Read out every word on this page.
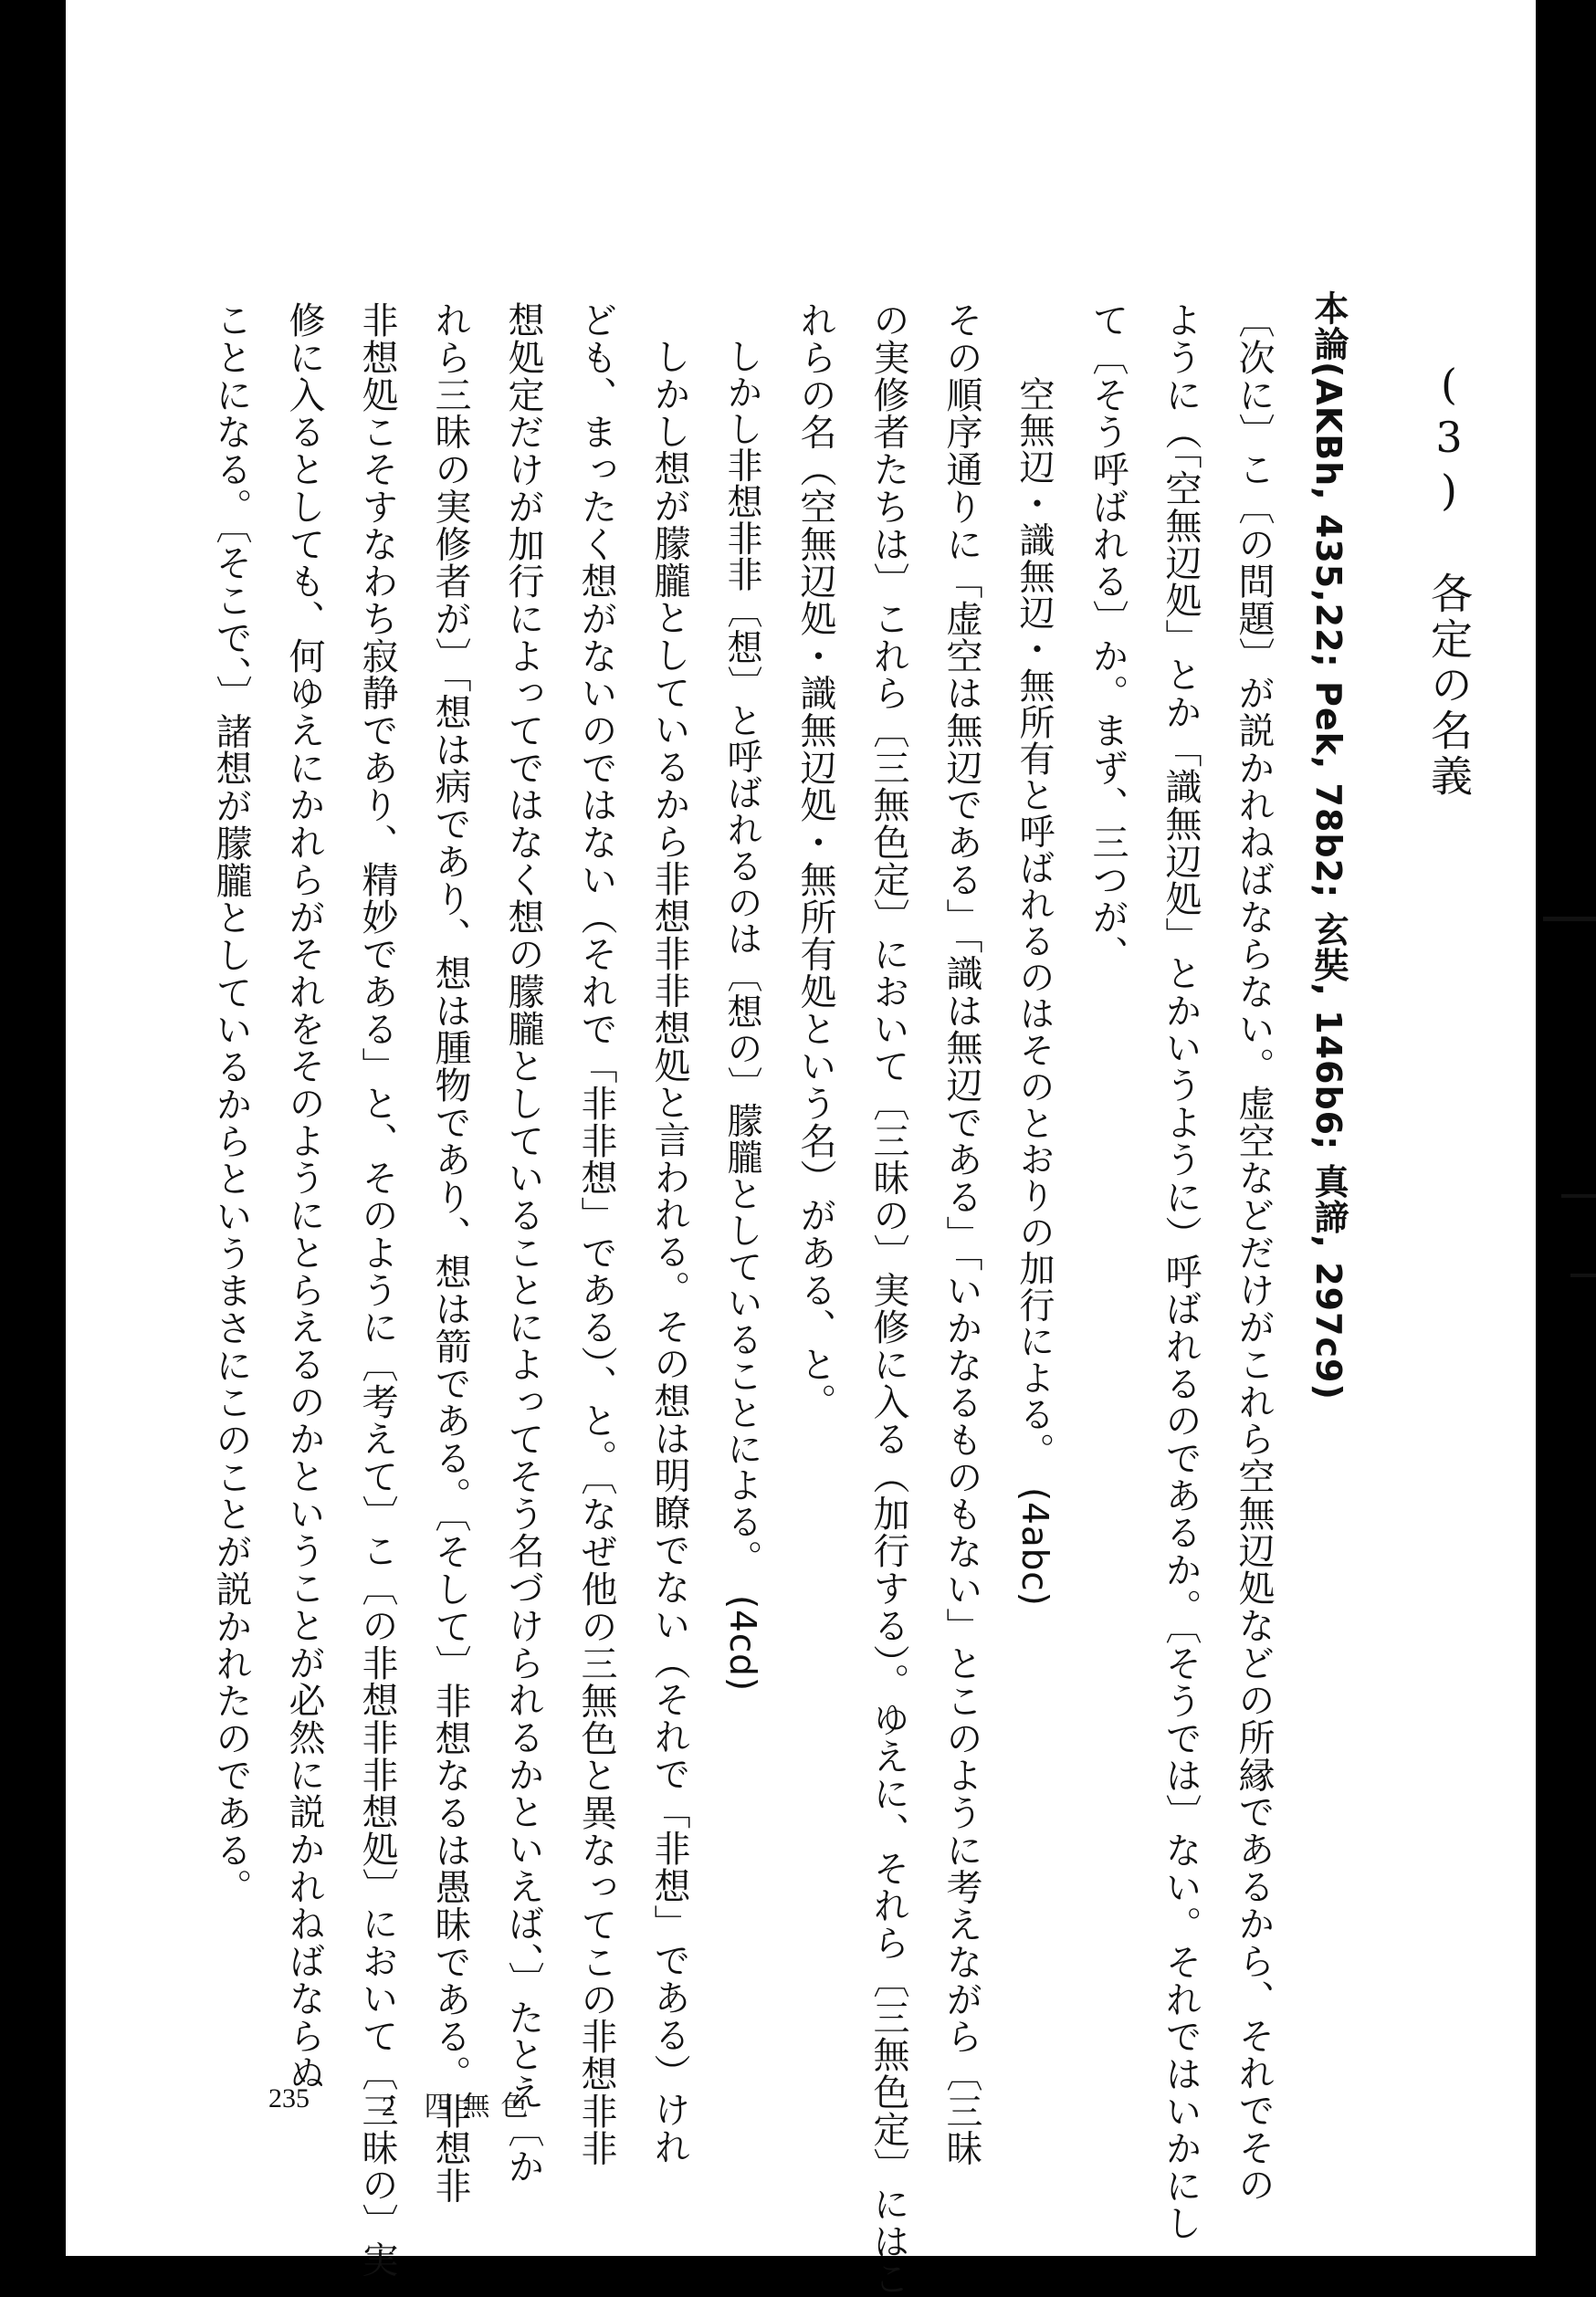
(3) 各定の名義
本論(AKBh, 435,22; Pek, 78b2; 玄奘, 146b6; 真諦, 297c9)
〔次に〕こ〔の問題〕が説かれねばならない。虚空などだけがこれら空無辺処などの所縁であるから、それでその
ように（「空無辺処」とか「識無辺処」とかいうように）呼ばれるのであるか。〔そうでは〕ない。それではいかにし
て〔そう呼ばれる〕か。まず、三つが、
空無辺・識無辺・無所有と呼ばれるのはそのとおりの加行による。(4abc)
その順序通りに「虚空は無辺である」「識は無辺である」「いかなるものもない」とこのように考えながら〔三昧
の実修者たちは〕これら〔三無色定〕において〔三昧の〕実修に入る（加行する）。ゆえに、それら〔三無色定〕にはこ
れらの名（空無辺処・識無辺処・無所有処という名）がある、と。
しかし非想非非〔想〕と呼ばれるのは〔想の〕朦朧としていることによる。(4cd)
しかし想が朦朧としているから非想非非想処と言われる。その想は明瞭でない（それで「非想」である）けれ
ども、まったく想がないのではない（それで「非非想」である）、と。〔なぜ他の三無色と異なってこの非想非非
想処定だけが加行によってではなく想の朦朧としていることによってそう名づけられるかといえば、〕たとえ〔か
れら三昧の実修者が〕「想は病であり、想は腫物であり、想は箭である。〔そして〕非想なるは愚昧である。非想非
非想処こそすなわち寂静であり、精妙である」と、そのように〔考えて〕こ〔の非想非非想処〕において〔三昧の〕実
修に入るとしても、何ゆえにかれらがそれをそのようにとらえるのかということが必然に説かれねばならぬ
ことになる。〔そこで、〕諸想が朦朧としているからというまさにこのことが説かれたのである。
235	2 四無色
